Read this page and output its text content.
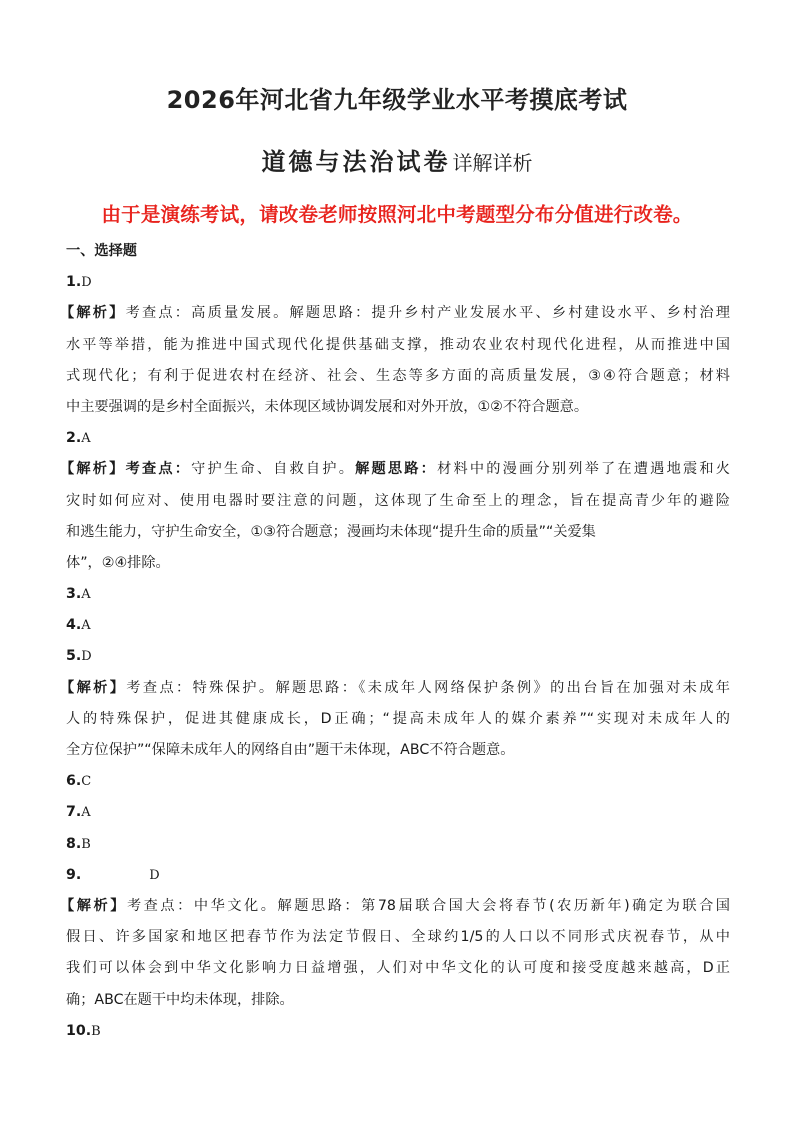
2026年河北省九年级学业水平考摸底考试
道德与法治试卷 详解详析
由于是演练考试，请改卷老师按照河北中考题型分布分值进行改卷。
一、选择题
1.D
【解析】考查点：高质量发展。解题思路：提升乡村产业发展水平、乡村建设水平、乡村治理
水平等举措，能为推进中国式现代化提供基础支撑，推动农业农村现代化进程，从而推进中国
式现代化；有利于促进农村在经济、社会、生态等多方面的高质量发展，③④符合题意；材料
中主要强调的是乡村全面振兴，未体现区域协调发展和对外开放，①②不符合题意。
2.A
【解析】考查点：守护生命、自救自护。解题思路：材料中的漫画分别列举了在遭遇地震和火
灾时如何应对、使用电器时要注意的问题，这体现了生命至上的理念，旨在提高青少年的避险
和逃生能力，守护生命安全，①③符合题意；漫画均未体现“提升生命的质量”“关爱集
体”，②④排除。
3.A
4.A
5.D
【解析】考查点：特殊保护。解题思路：《未成年人网络保护条例》的出台旨在加强对未成年
人的特殊保护，促进其健康成长，D正确；“提高未成年人的媒介素养”“实现对未成年人的
全方位保护”“保障未成年人的网络自由”题干未体现，ABC不符合题意。
6.C
7.A
8.B
9.	D
【解析】考查点：中华文化。解题思路：第78届联合国大会将春节(农历新年)确定为联合国
假日、许多国家和地区把春节作为法定节假日、全球约1/5的人口以不同形式庆祝春节，从中
我们可以体会到中华文化影响力日益增强，人们对中华文化的认可度和接受度越来越高，D正
确；ABC在题干中均未体现，排除。
10.B
